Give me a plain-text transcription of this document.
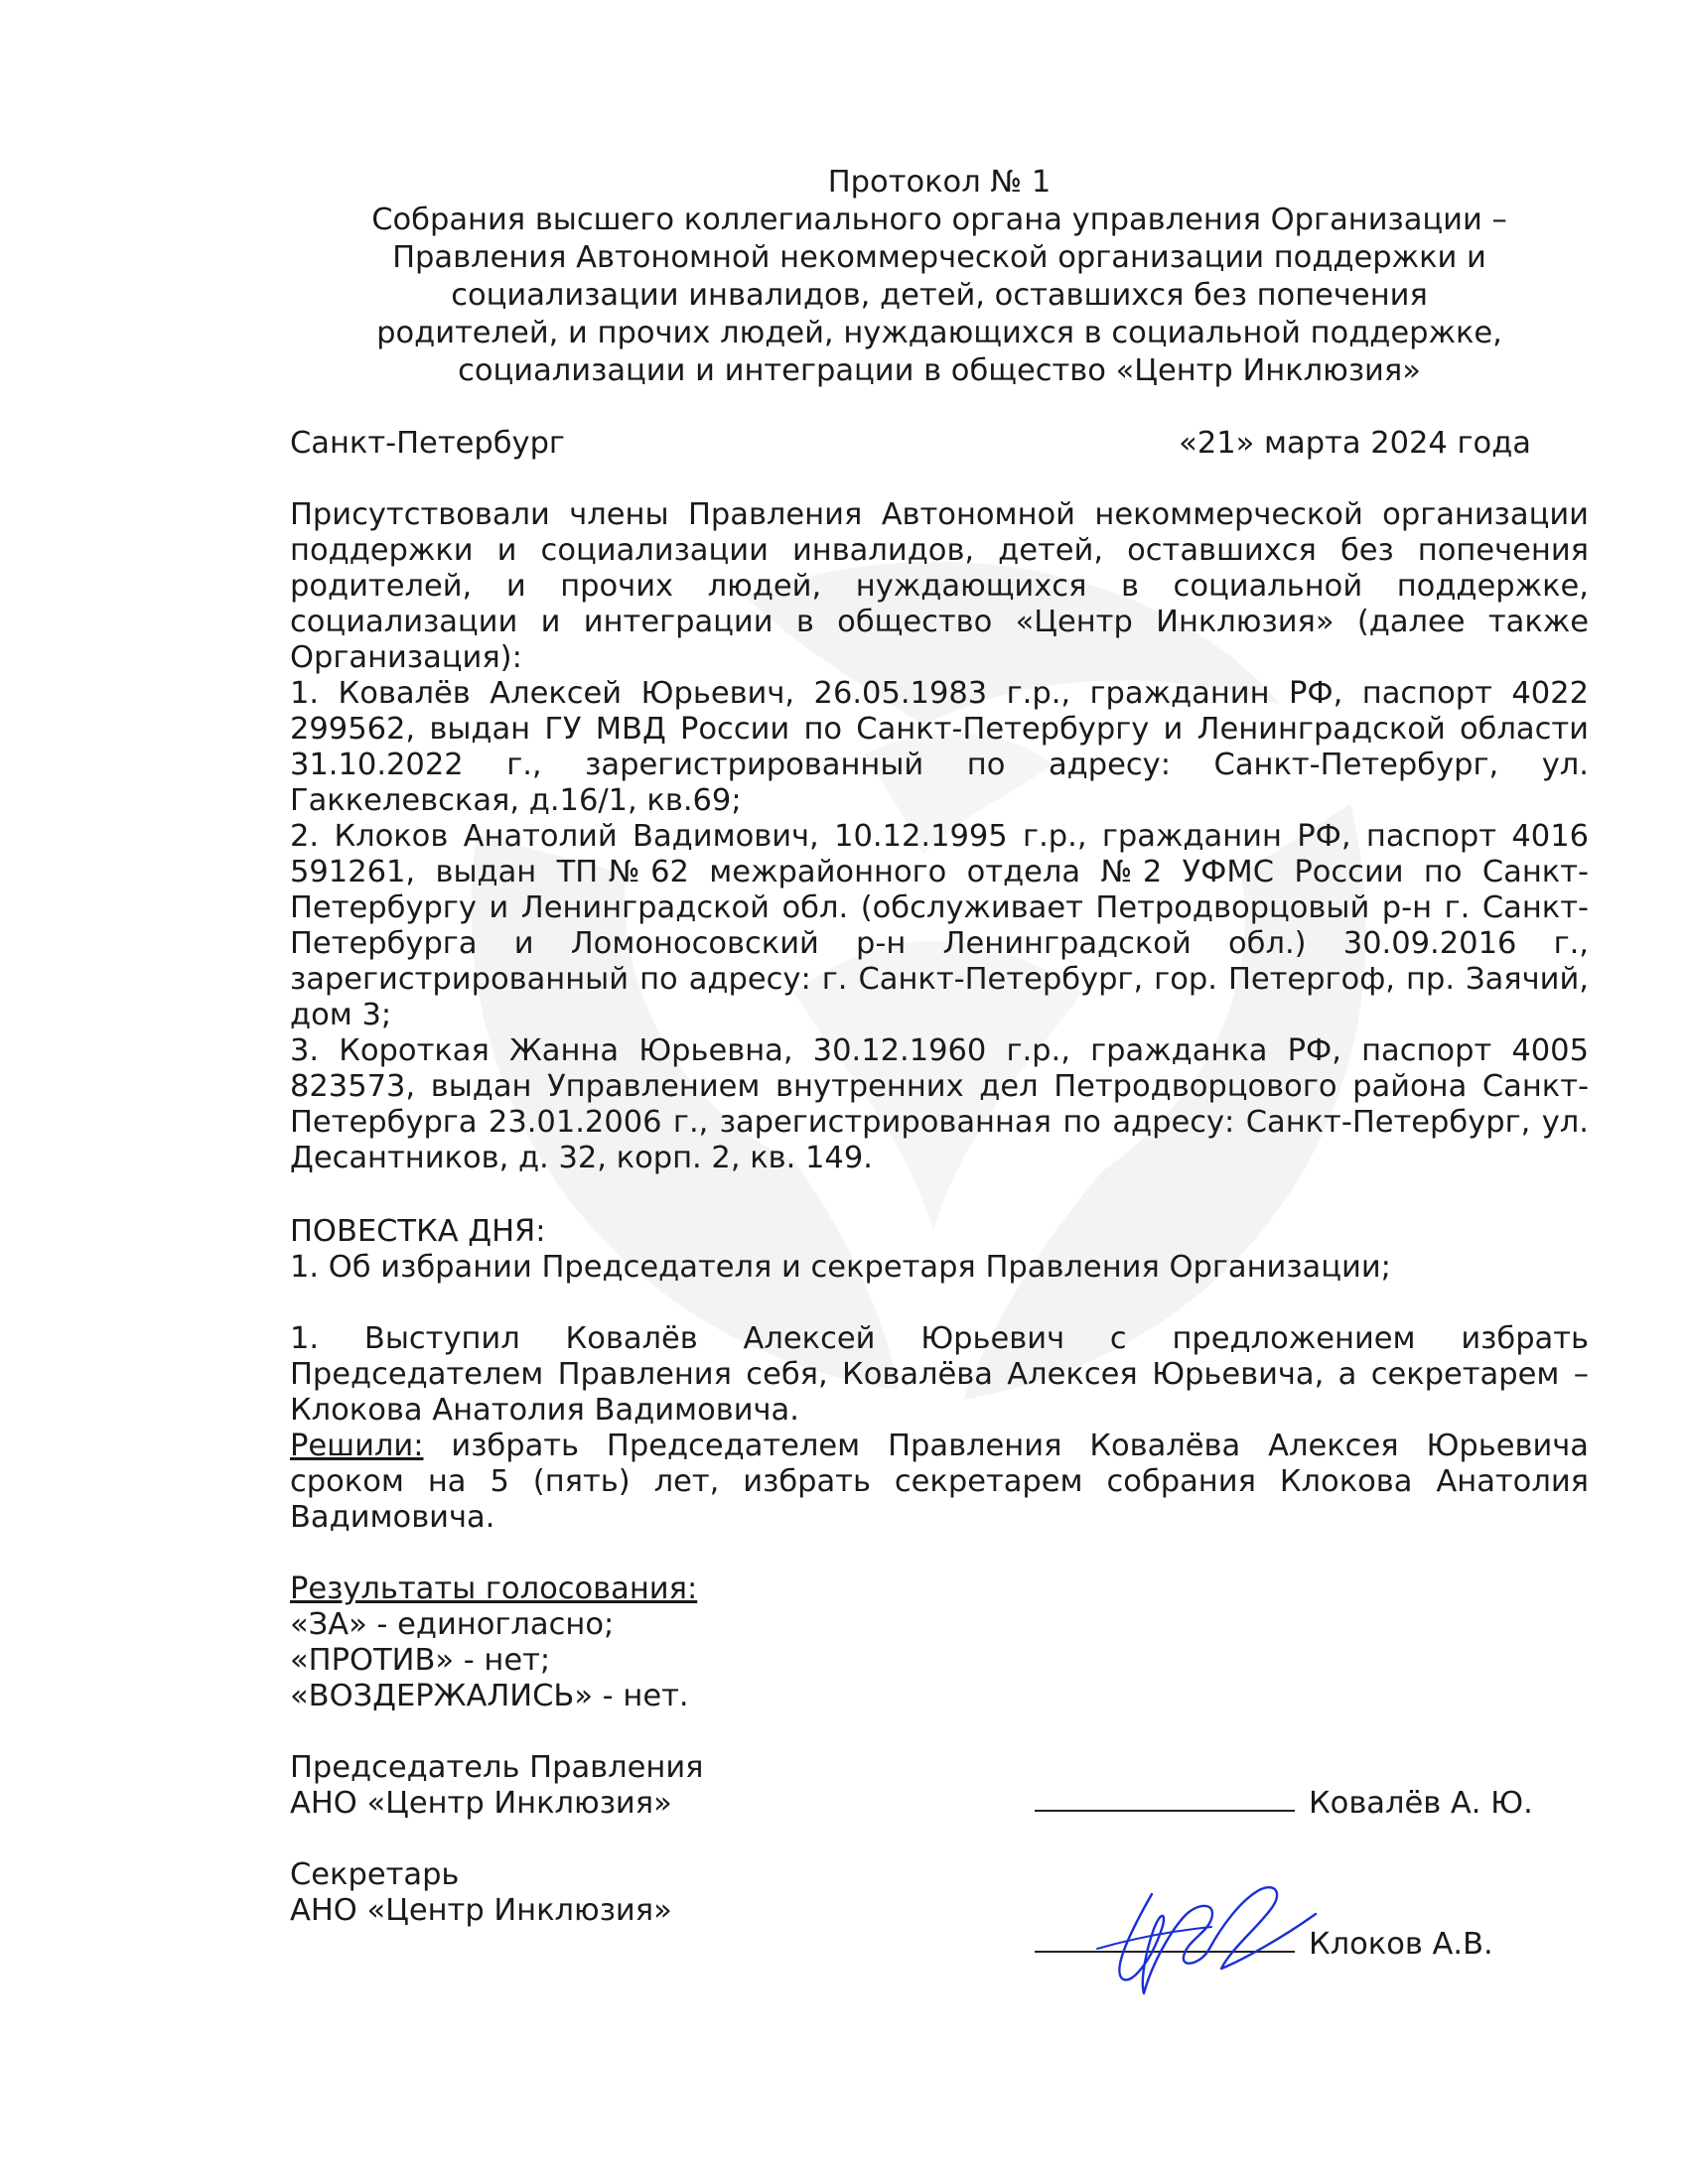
Протокол № 1

Собрания высшего коллегиального органа управления Организации –

Правления Автономной некоммерческой организации поддержки и

социализации инвалидов, детей, оставшихся без попечения

родителей, и прочих людей, нуждающихся в социальной поддержке,

социализации и интеграции в общество «Центр Инклюзия»

Санкт-Петербург	«21» марта 2024 года

Присутствовали члены Правления Автономной некоммерческой организации поддержки и социализации инвалидов, детей, оставшихся без попечения родителей, и прочих людей, нуждающихся в социальной поддержке, социализации и интеграции в общество «Центр Инклюзия» (далее также Организация):

1. Ковалёв Алексей Юрьевич, 26.05.1983 г.р., гражданин РФ, паспорт 4022 299562, выдан ГУ МВД России по Санкт-Петербургу и Ленинградской области 31.10.2022 г., зарегистрированный по адресу: Санкт-Петербург, ул. Гаккелевская, д.16/1, кв.69;

2. Клоков Анатолий Вадимович, 10.12.1995 г.р., гражданин РФ, паспорт 4016 591261, выдан ТП№62 межрайонного отдела №2 УФМС России по Санкт-Петербургу и Ленинградской обл. (обслуживает Петродворцовый р-н г. Санкт-Петербурга и Ломоносовский р-н Ленинградской обл.) 30.09.2016 г., зарегистрированный по адресу: г. Санкт-Петербург, гор. Петергоф, пр. Заячий, дом 3;

3. Короткая Жанна Юрьевна, 30.12.1960 г.р., гражданка РФ, паспорт 4005 823573, выдан Управлением внутренних дел Петродворцового района Санкт-Петербурга 23.01.2006 г., зарегистрированная по адресу: Санкт-Петербург, ул. Десантников, д. 32, корп. 2, кв. 149.

ПОВЕСТКА ДНЯ:

1. Об избрании Председателя и секретаря Правления Организации;

1. Выступил Ковалёв Алексей Юрьевич с предложением избрать Председателем Правления себя, Ковалёва Алексея Юрьевича, а секретарем – Клокова Анатолия Вадимовича.

Решили: избрать Председателем Правления Ковалёва Алексея Юрьевича сроком на 5 (пять) лет, избрать секретарем собрания Клокова Анатолия Вадимовича.

Результаты голосования:

«ЗА» - единогласно;

«ПРОТИВ» - нет;

«ВОЗДЕРЖАЛИСЬ» - нет.

Председатель Правления

АНО «Центр Инклюзия»	Ковалёв А. Ю.

Секретарь

АНО «Центр Инклюзия»

Клоков А.В.
